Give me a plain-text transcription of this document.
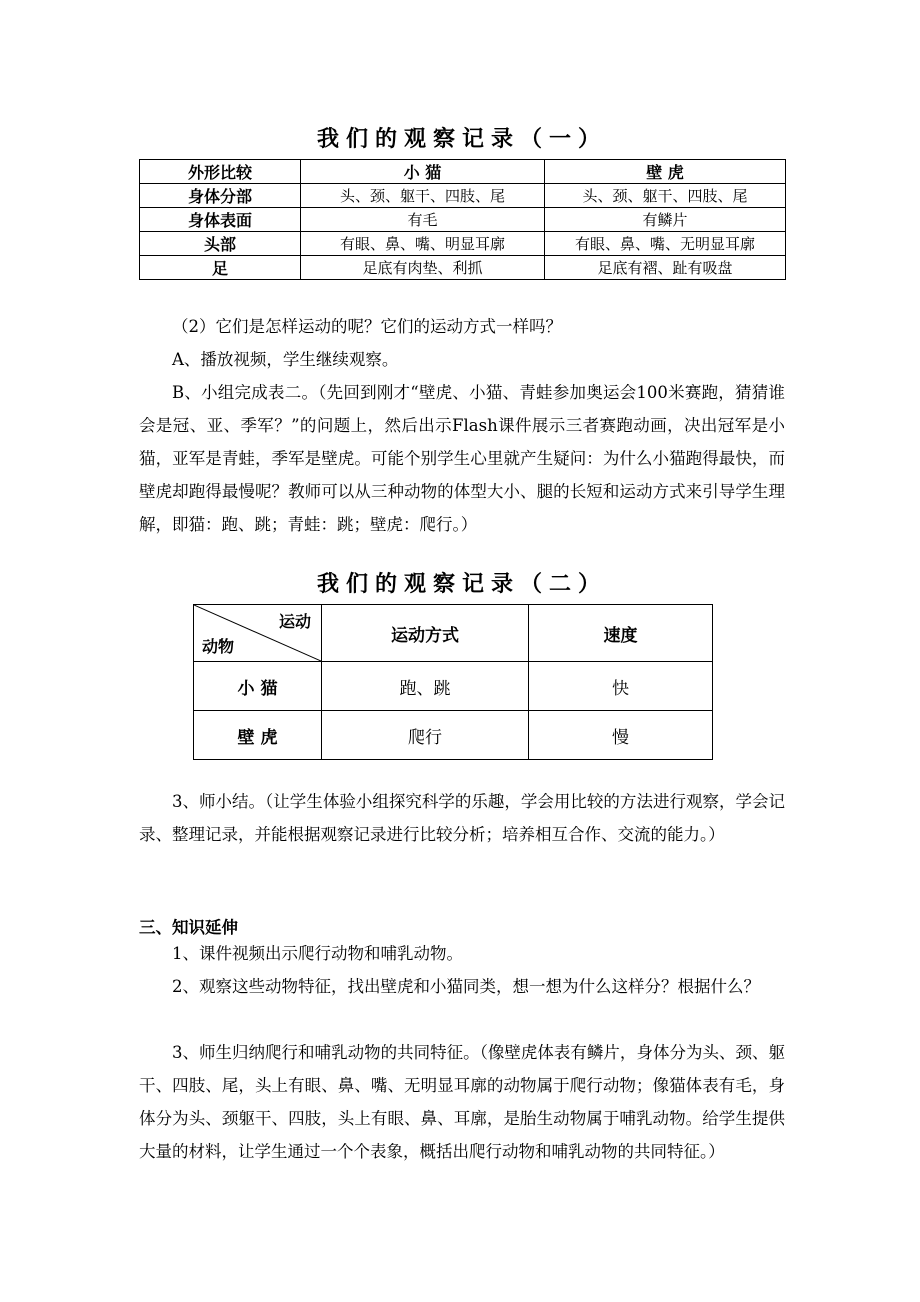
我们的观察记录（一）
外形比较	小 猫	壁 虎
身体分部	头、颈、躯干、四肢、尾	头、颈、躯干、四肢、尾
身体表面	有毛	有鳞片
头部	有眼、鼻、嘴、明显耳廓	有眼、鼻、嘴、无明显耳廓
足	足底有肉垫、利抓	足底有褶、趾有吸盘

（2）它们是怎样运动的呢？它们的运动方式一样吗？

A、播放视频，学生继续观察。

B、小组完成表二。（先回到刚才“壁虎、小猫、青蛙参加奥运会100米赛跑，猜猜谁会是冠、亚、季军？”的问题上，然后出示Flash课件展示三者赛跑动画，决出冠军是小猫，亚军是青蛙，季军是壁虎。可能个别学生心里就产生疑问：为什么小猫跑得最快，而壁虎却跑得最慢呢？教师可以从三种动物的体型大小、腿的长短和运动方式来引导学生理解，即猫：跑、跳；青蛙：跳；壁虎：爬行。）

我们的观察记录（二）
运动
动物	运动方式	速度
小 猫	跑、跳	快
壁 虎	爬行	慢

3、师小结。（让学生体验小组探究科学的乐趣，学会用比较的方法进行观察，学会记录、整理记录，并能根据观察记录进行比较分析；培养相互合作、交流的能力。）

三、知识延伸

1、课件视频出示爬行动物和哺乳动物。

2、观察这些动物特征，找出壁虎和小猫同类，想一想为什么这样分？根据什么？

3、师生归纳爬行和哺乳动物的共同特征。（像壁虎体表有鳞片，身体分为头、颈、躯干、四肢、尾，头上有眼、鼻、嘴、无明显耳廓的动物属于爬行动物；像猫体表有毛，身体分为头、颈躯干、四肢，头上有眼、鼻、耳廓，是胎生动物属于哺乳动物。给学生提供大量的材料，让学生通过一个个表象，概括出爬行动物和哺乳动物的共同特征。）
